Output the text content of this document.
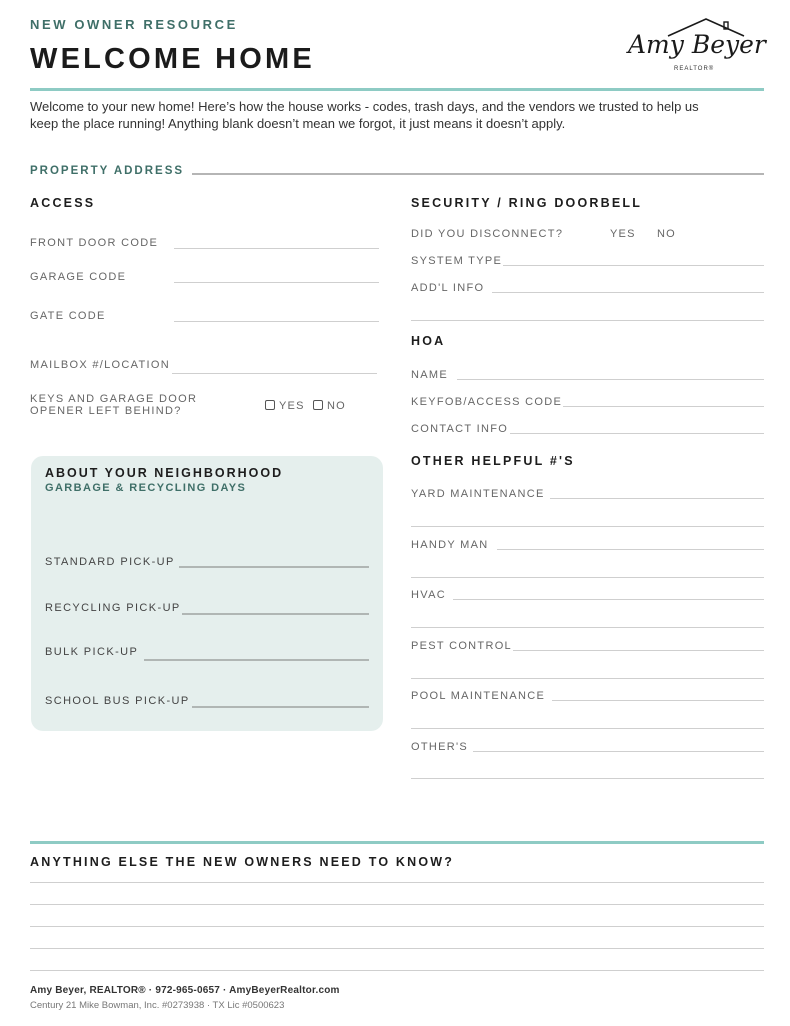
NEW OWNER RESOURCE
WELCOME HOME	Amy Beyer
REALTOR®
Welcome to your new home! Here’s how the house works - codes, trash days, and the vendors we trusted to help us
keep the place running! Anything blank doesn’t mean we forgot, it just means it doesn’t apply.
PROPERTY ADDRESS
ACCESS
FRONT DOOR CODE
GARAGE CODE
GATE CODE
MAILBOX #/LOCATION
KEYS AND GARAGE DOOR
OPENER LEFT BEHIND?	YES	NO
ABOUT YOUR NEIGHBORHOOD
GARBAGE & RECYCLING DAYS
STANDARD PICK-UP
RECYCLING PICK-UP
BULK PICK-UP
SCHOOL BUS PICK-UP
SECURITY / RING DOORBELL
DID YOU DISCONNECT?	YES NO
SYSTEM TYPE
ADD'L INFO
HOA
NAME
KEYFOB/ACCESS CODE
CONTACT INFO
OTHER HELPFUL #'S
YARD MAINTENANCE
HANDY MAN
HVAC
PEST CONTROL
POOL MAINTENANCE
OTHER'S
ANYTHING ELSE THE NEW OWNERS NEED TO KNOW?
Amy Beyer, REALTOR® · 972-965-0657 · AmyBeyerRealtor.com
Century 21 Mike Bowman, Inc. #0273938 · TX Lic #0500623
